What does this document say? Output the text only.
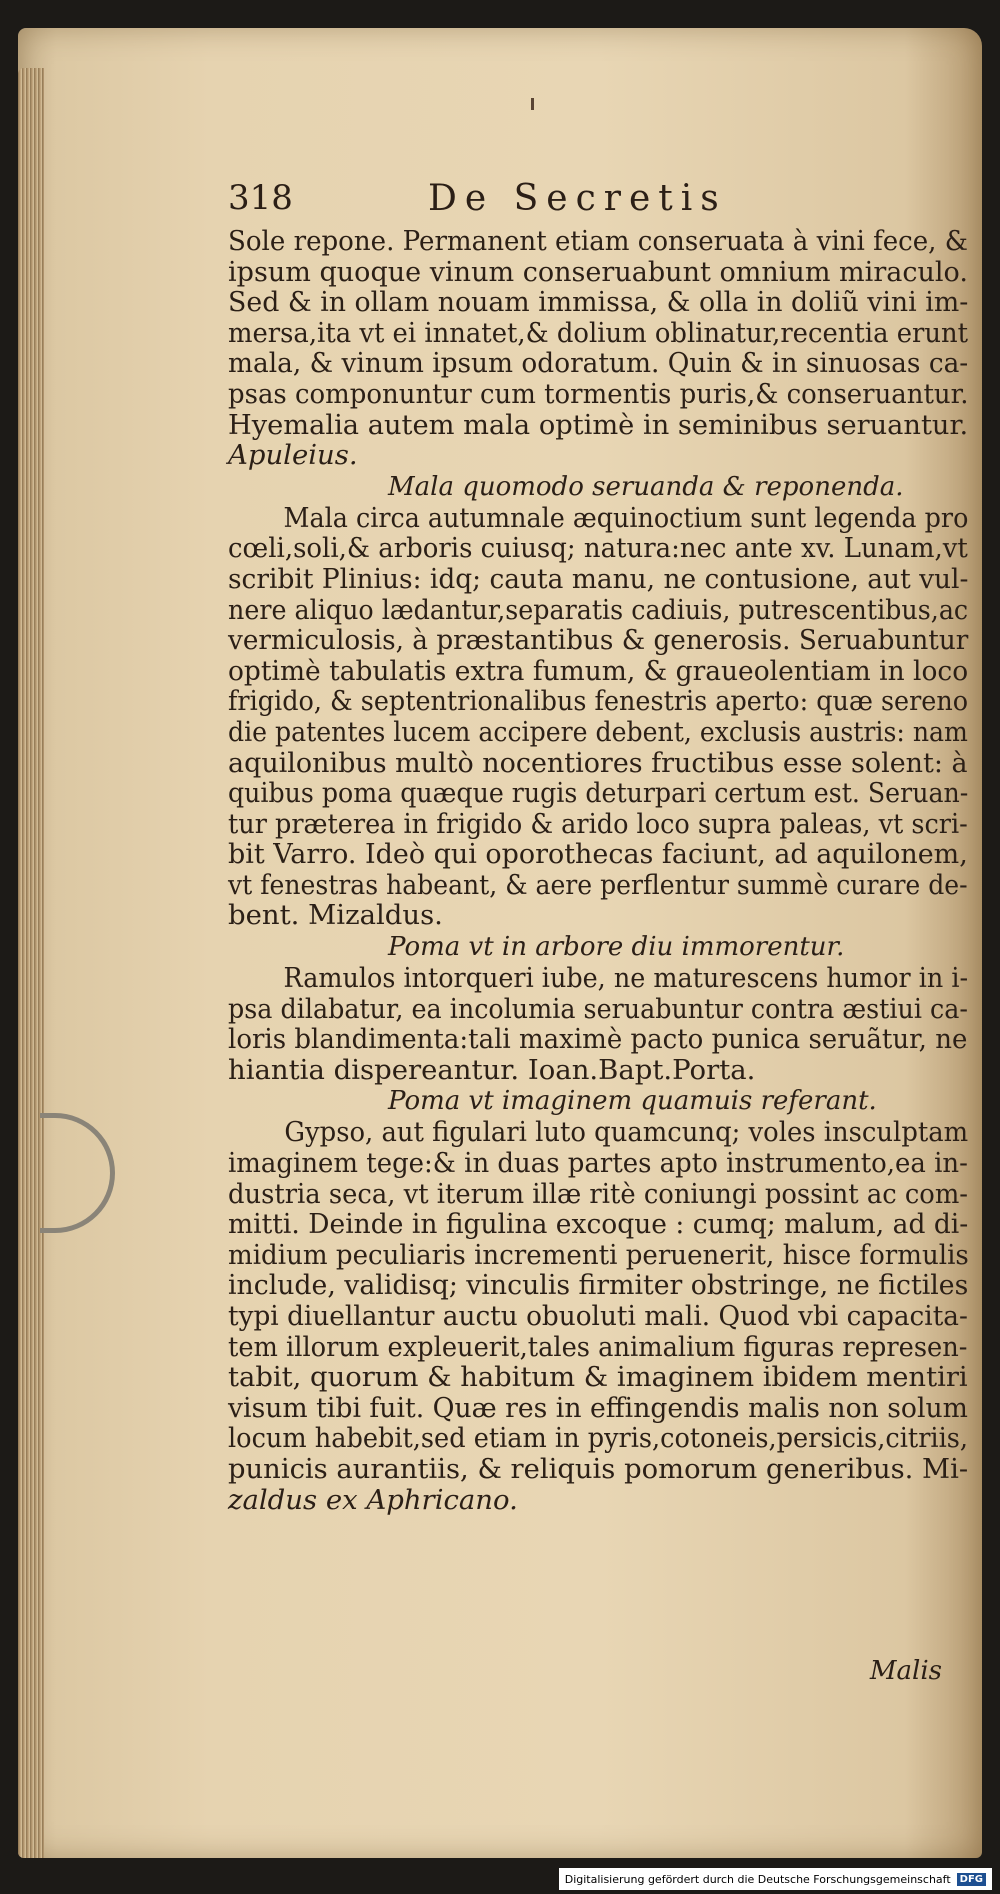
318	De Secretis
Sole repone. Permanent etiam conseruata à vini fece, &
ipsum quoque vinum conseruabunt omnium miraculo.
Sed & in ollam nouam immissa, & olla in doliũ vini im-
mersa,ita vt ei innatet,& dolium oblinatur,recentia erunt
mala, & vinum ipsum odoratum. Quin & in sinuosas ca-
psas componuntur cum tormentis puris,& conseruantur.
Hyemalia autem mala optimè in seminibus seruantur.
Apuleius.
Mala quomodo seruanda & reponenda.
Mala circa autumnale æquinoctium sunt legenda pro
cœli,soli,& arboris cuiusq; natura:nec ante xv. Lunam,vt
scribit Plinius: idq; cauta manu, ne contusione, aut vul-
nere aliquo lædantur,separatis cadiuis, putrescentibus,ac
vermiculosis, à præstantibus & generosis. Seruabuntur
optimè tabulatis extra fumum, & graueolentiam in loco
frigido, & septentrionalibus fenestris aperto: quæ sereno
die patentes lucem accipere debent, exclusis austris: nam
aquilonibus multò nocentiores fructibus esse solent: à
quibus poma quæque rugis deturpari certum est. Seruan-
tur præterea in frigido & arido loco supra paleas, vt scri-
bit Varro. Ideò qui oporothecas faciunt, ad aquilonem,
vt fenestras habeant, & aere perflentur summè curare de-
bent. Mizaldus.
Poma vt in arbore diu immorentur.
Ramulos intorqueri iube, ne maturescens humor in i-
psa dilabatur, ea incolumia seruabuntur contra æstiui ca-
loris blandimenta:tali maximè pacto punica seruãtur, ne
hiantia dispereantur. Ioan.Bapt.Porta.
Poma vt imaginem quamuis referant.
Gypso, aut figulari luto quamcunq; voles insculptam
imaginem tege:& in duas partes apto instrumento,ea in-
dustria seca, vt iterum illæ ritè coniungi possint ac com-
mitti. Deinde in figulina excoque : cumq; malum, ad di-
midium peculiaris incrementi peruenerit, hisce formulis
include, validisq; vinculis firmiter obstringe, ne fictiles
typi diuellantur auctu obuoluti mali. Quod vbi capacita-
tem illorum expleuerit,tales animalium figuras represen-
tabit, quorum & habitum & imaginem ibidem mentiri
visum tibi fuit. Quæ res in effingendis malis non solum
locum habebit,sed etiam in pyris,cotoneis,persicis,citriis,
punicis aurantiis, & reliquis pomorum generibus. Mi-
zaldus ex Aphricano.
Malis
Digitalisierung gefördert durch die Deutsche Forschungsgemeinschaft DFG
